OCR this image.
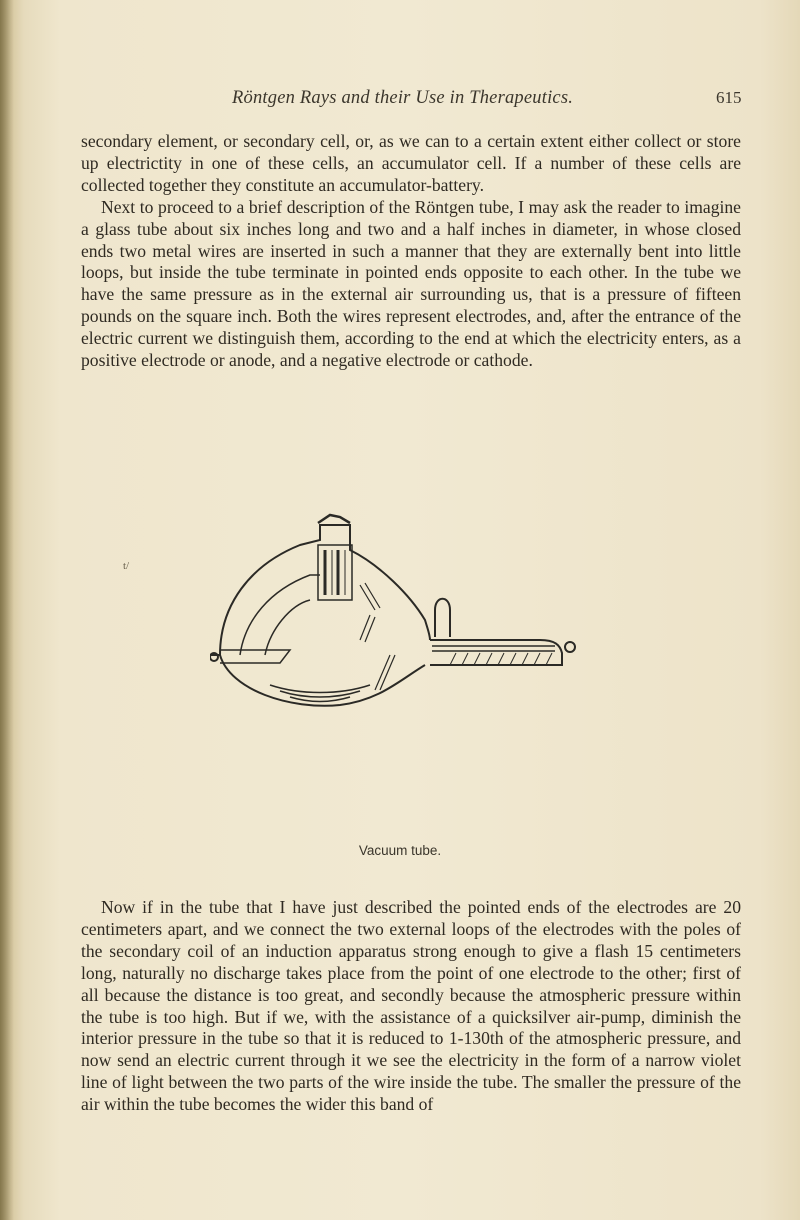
Röntgen Rays and their Use in Therapeutics.	615

secondary element, or secondary cell, or, as we can to a certain extent either collect or store up electrictity in one of these cells, an accumulator cell. If a number of these cells are collected together they constitute an accumulator-battery.

Next to proceed to a brief description of the Röntgen tube, I may ask the reader to imagine a glass tube about six inches long and two and a half inches in diameter, in whose closed ends two metal wires are inserted in such a manner that they are externally bent into little loops, but inside the tube terminate in pointed ends opposite to each other. In the tube we have the same pressure as in the external air surrounding us, that is a pressure of fifteen pounds on the square inch. Both the wires represent electrodes, and, after the entrance of the electric current we distinguish them, according to the end at which the electricity enters, as a positive electrode or anode, and a negative electrode or cathode.

t/
Vacuum tube.

Now if in the tube that I have just described the pointed ends of the electrodes are 20 centimeters apart, and we connect the two external loops of the electrodes with the poles of the secondary coil of an induction apparatus strong enough to give a flash 15 centimeters long, naturally no discharge takes place from the point of one electrode to the other; first of all because the distance is too great, and secondly because the atmospheric pressure within the tube is too high. But if we, with the assistance of a quicksilver air-pump, diminish the interior pressure in the tube so that it is reduced to 1-130th of the atmospheric pressure, and now send an electric current through it we see the electricity in the form of a narrow violet line of light between the two parts of the wire inside the tube. The smaller the pressure of the air within the tube becomes the wider this band of
